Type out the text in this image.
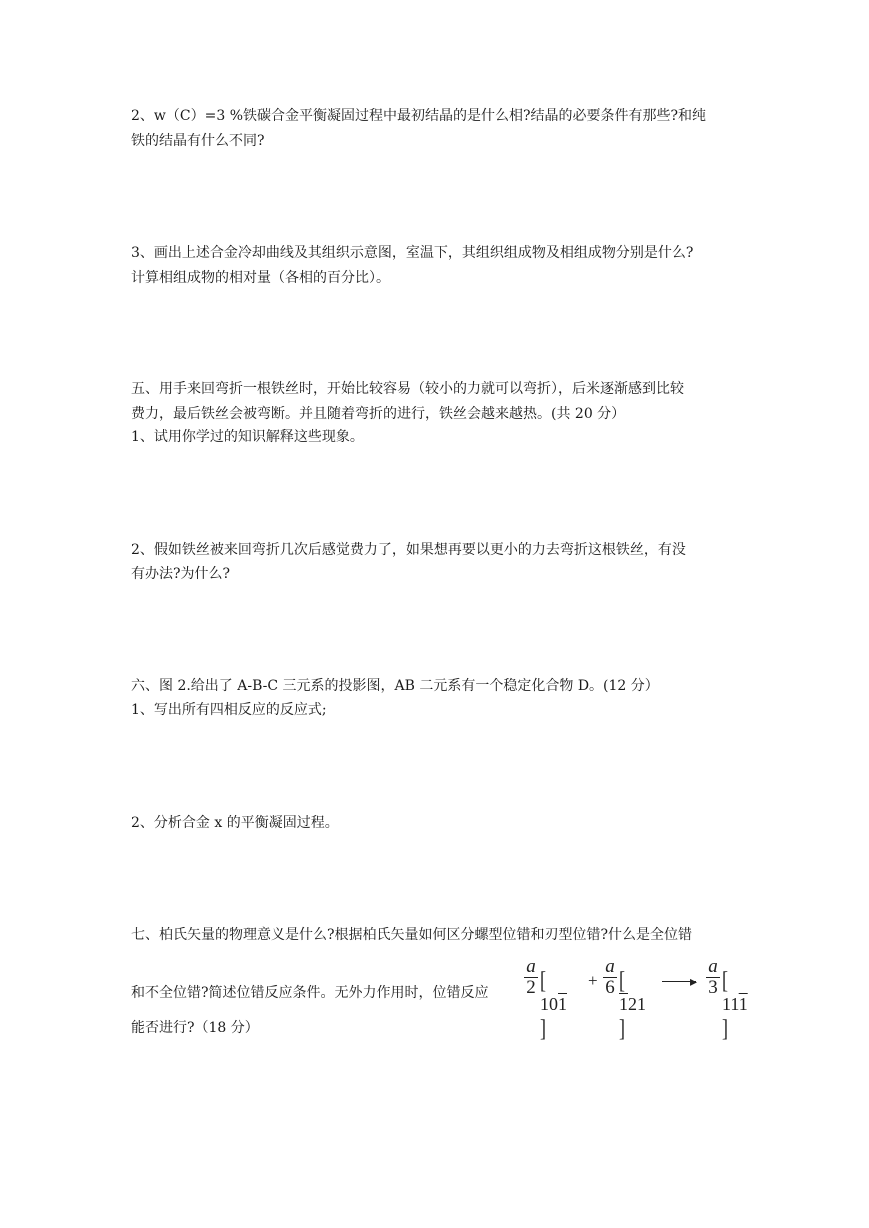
2、w（C）=3 %铁碳合金平衡凝固过程中最初结晶的是什么相?结晶的必要条件有那些?和纯
铁的结晶有什么不同?
3、画出上述合金冷却曲线及其组织示意图，室温下，其组织组成物及相组成物分别是什么?
计算相组成物的相对量（各相的百分比）。
五、用手来回弯折一根铁丝时，开始比较容易（较小的力就可以弯折），后米逐渐感到比较
费力，最后铁丝会被弯断。并且随着弯折的进行，铁丝会越来越热。(共 20 分）
1、试用你学过的知识解释这些现象。
2、假如铁丝被来回弯折几次后感觉费力了，如果想再要以更小的力去弯折这根铁丝，有没
有办法?为什么?
六、图 2.给出了 A-B-C 三元系的投影图，AB 二元系有一个稳定化合物 D。(12 分）
1、写出所有四相反应的反应式;
2、分析合金 x 的平衡凝固过程。
七、柏氏矢量的物理意义是什么?根据柏氏矢量如何区分螺型位错和刃型位错?什么是全位错
和不全位错?简述位错反应条件。无外力作用时，位错反应
a
2 [101]
+
a
6 [121]
▸
a
3 [111]
能否进行?（18 分）
